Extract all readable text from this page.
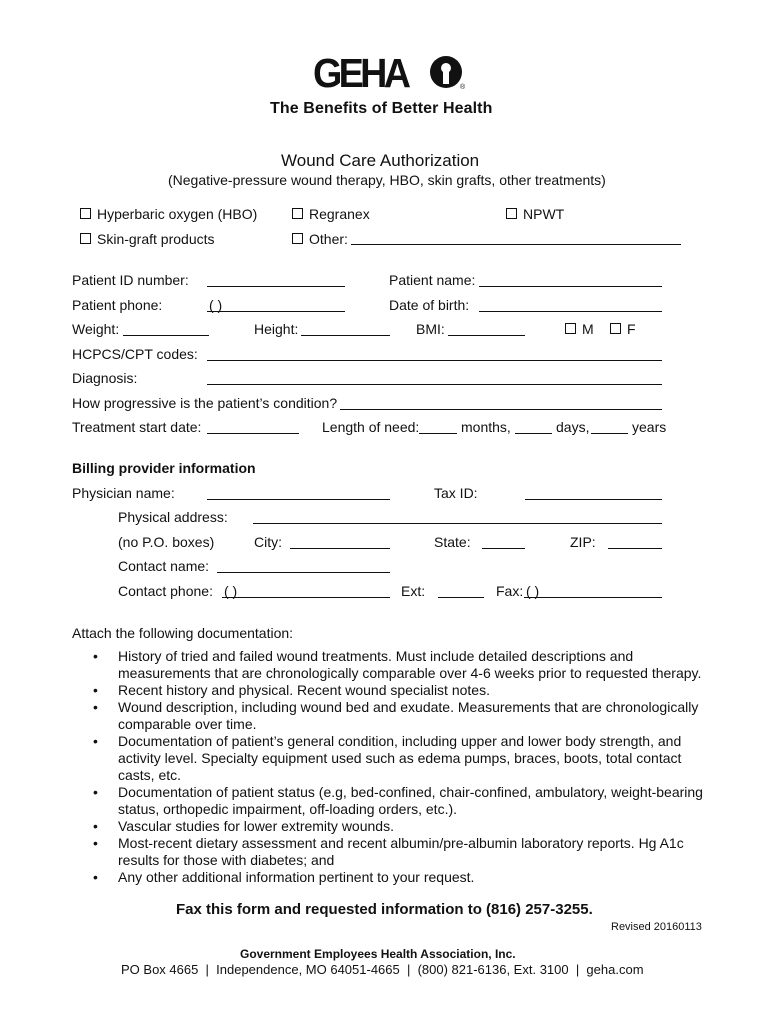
GEHA	®
The Benefits of Better Health
Wound Care Authorization
(Negative-pressure wound therapy, HBO, skin grafts, other treatments)
Hyperbaric oxygen (HBO)	Regranex	NPWT
Skin-graft products	Other:
Patient ID number:	Patient name:
Patient phone:	( )	Date of birth:
Weight:	Height:	BMI:	M	F
HCPCS/CPT codes:
Diagnosis:
How progressive is the patient’s condition?
Treatment start date:	Length of need:	months,	days,	years
Billing provider information
Physician name:	Tax ID:
Physical address:
(no P.O. boxes)	City:	State:	ZIP:
Contact name:
Contact phone: ( )	Ext:	Fax: ( )
Attach the following documentation:
• History of tried and failed wound treatments. Must include detailed descriptions and measurements that are chronologically comparable over 4-6 weeks prior to requested therapy.
• Recent history and physical. Recent wound specialist notes.
• Wound description, including wound bed and exudate. Measurements that are chronologically comparable over time.
• Documentation of patient’s general condition, including upper and lower body strength, and activity level. Specialty equipment used such as edema pumps, braces, boots, total contact casts, etc.
• Documentation of patient status (e.g, bed-confined, chair-confined, ambulatory, weight-bearing status, orthopedic impairment, off-loading orders, etc.).
• Vascular studies for lower extremity wounds.
• Most-recent dietary assessment and recent albumin/pre-albumin laboratory reports. Hg A1c results for those with diabetes; and
• Any other additional information pertinent to your request.
Fax this form and requested information to (816) 257-3255.
Revised 20160113
Government Employees Health Association, Inc.
PO Box 4665  |  Independence, MO 64051-4665  |  (800) 821-6136, Ext. 3100  |  geha.com
